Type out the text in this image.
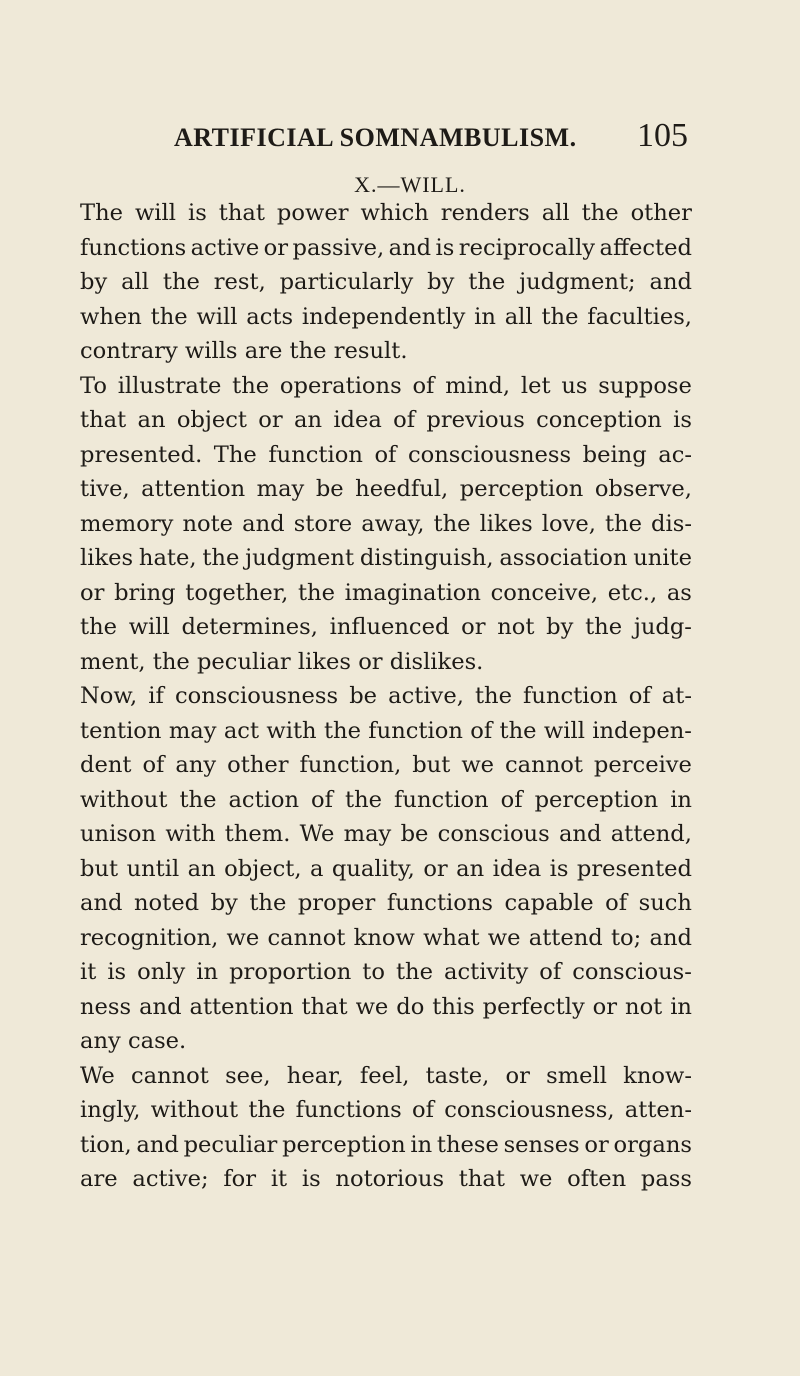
ARTIFICIAL SOMNAMBULISM. 105
X.—WILL.
The will is that power which renders all the other
functions active or passive, and is reciprocally affected
by all the rest, particularly by the judgment; and
when the will acts independently in all the faculties,
contrary wills are the result.
To illustrate the operations of mind, let us suppose
that an object or an idea of previous conception is
presented. The function of consciousness being ac-
tive, attention may be heedful, perception observe,
memory note and store away, the likes love, the dis-
likes hate, the judgment distinguish, association unite
or bring together, the imagination conceive, etc., as
the will determines, influenced or not by the judg-
ment, the peculiar likes or dislikes.
Now, if consciousness be active, the function of at-
tention may act with the function of the will indepen-
dent of any other function, but we cannot perceive
without the action of the function of perception in
unison with them. We may be conscious and attend,
but until an object, a quality, or an idea is presented
and noted by the proper functions capable of such
recognition, we cannot know what we attend to; and
it is only in proportion to the activity of conscious-
ness and attention that we do this perfectly or not in
any case.
We cannot see, hear, feel, taste, or smell know-
ingly, without the functions of consciousness, atten-
tion, and peculiar perception in these senses or organs
are active; for it is notorious that we often pass
